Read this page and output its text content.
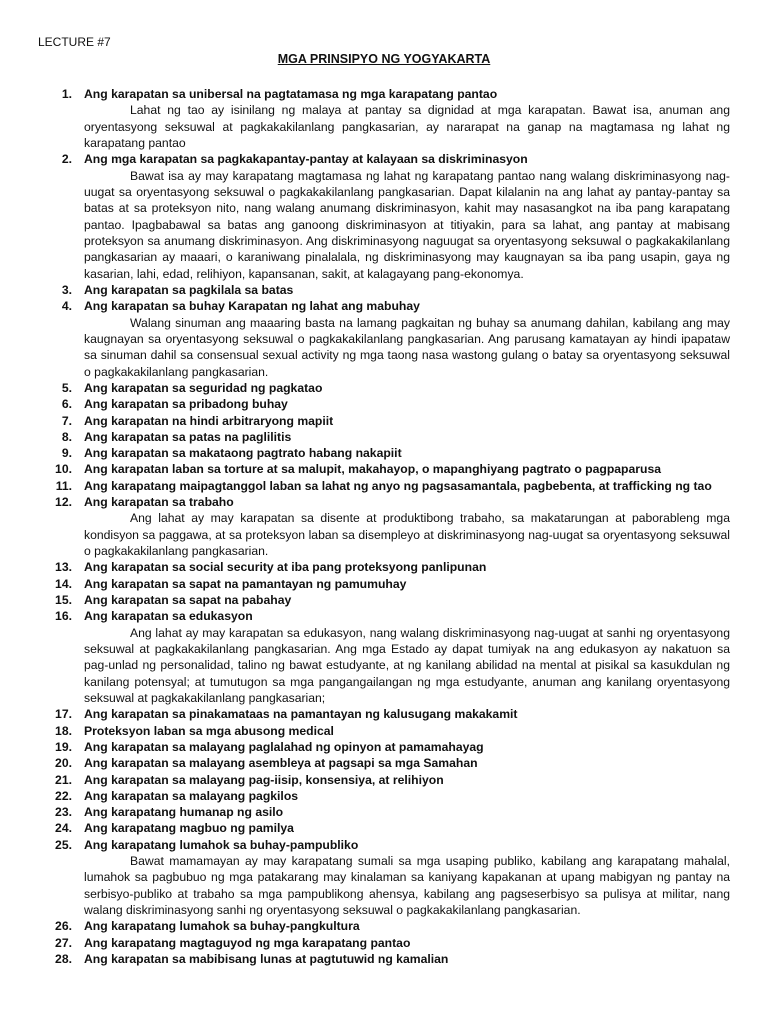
LECTURE #7
MGA PRINSIPYO NG YOGYAKARTA
1. Ang karapatan sa unibersal na pagtatamasa ng mga karapatang pantao

Lahat ng tao ay isinilang ng malaya at pantay sa dignidad at mga karapatan. Bawat isa, anuman ang oryentasyong seksuwal at pagkakakilanlang pangkasarian, ay nararapat na ganap na magtamasa ng lahat ng karapatang pantao

2. Ang mga karapatan sa pagkakapantay-pantay at kalayaan sa diskriminasyon

Bawat isa ay may karapatang magtamasa ng lahat ng karapatang pantao nang walang diskriminasyong nag-uugat sa oryentasyong seksuwal o pagkakakilanlang pangkasarian. Dapat kilalanin na ang lahat ay pantay-pantay sa batas at sa proteksyon nito, nang walang anumang diskriminasyon, kahit may nasasangkot na iba pang karapatang pantao. Ipagbabawal sa batas ang ganoong diskriminasyon at titiyakin, para sa lahat, ang pantay at mabisang proteksyon sa anumang diskriminasyon. Ang diskriminasyong naguugat sa oryentasyong seksuwal o pagkakakilanlang pangkasarian ay maaari, o karaniwang pinalalala, ng diskriminasyong may kaugnayan sa iba pang usapin, gaya ng kasarian, lahi, edad, relihiyon, kapansanan, sakit, at kalagayang pang-ekonomya.

3. Ang karapatan sa pagkilala sa batas
4. Ang karapatan sa buhay Karapatan ng lahat ang mabuhay

Walang sinuman ang maaaring basta na lamang pagkaitan ng buhay sa anumang dahilan, kabilang ang may kaugnayan sa oryentasyong seksuwal o pagkakakilanlang pangkasarian. Ang parusang kamatayan ay hindi ipapataw sa sinuman dahil sa consensual sexual activity ng mga taong nasa wastong gulang o batay sa oryentasyong seksuwal o pagkakakilanlang pangkasarian.

5. Ang karapatan sa seguridad ng pagkatao
6. Ang karapatan sa pribadong buhay
7. Ang karapatan na hindi arbitraryong mapiit
8. Ang karapatan sa patas na paglilitis
9. Ang karapatan sa makataong pagtrato habang nakapiit
10. Ang karapatan laban sa torture at sa malupit, makahayop, o mapanghiyang pagtrato o pagpaparusa
11. Ang karapatang maipagtanggol laban sa lahat ng anyo ng pagsasamantala, pagbebenta, at trafficking ng tao
12. Ang karapatan sa trabaho

Ang lahat ay may karapatan sa disente at produktibong trabaho, sa makatarungan at paborableng mga kondisyon sa paggawa, at sa proteksyon laban sa disempleyo at diskriminasyong nag-uugat sa oryentasyong seksuwal o pagkakakilanlang pangkasarian.

13. Ang karapatan sa social security at iba pang proteksyong panlipunan
14. Ang karapatan sa sapat na pamantayan ng pamumuhay
15. Ang karapatan sa sapat na pabahay
16. Ang karapatan sa edukasyon

Ang lahat ay may karapatan sa edukasyon, nang walang diskriminasyong nag-uugat at sanhi ng oryentasyong seksuwal at pagkakakilanlang pangkasarian. Ang mga Estado ay dapat tumiyak na ang edukasyon ay nakatuon sa pag-unlad ng personalidad, talino ng bawat estudyante, at ng kanilang abilidad na mental at pisikal sa kasukdulan ng kanilang potensyal; at tumutugon sa mga pangangailangan ng mga estudyante, anuman ang kanilang oryentasyong seksuwal at pagkakakilanlang pangkasarian;

17. Ang karapatan sa pinakamataas na pamantayan ng kalusugang makakamit
18. Proteksyon laban sa mga abusong medical
19. Ang karapatan sa malayang paglalahad ng opinyon at pamamahayag
20. Ang karapatan sa malayang asembleya at pagsapi sa mga Samahan
21. Ang karapatan sa malayang pag-iisip, konsensiya, at relihiyon
22. Ang karapatan sa malayang pagkilos
23. Ang karapatang humanap ng asilo
24. Ang karapatang magbuo ng pamilya
25. Ang karapatang lumahok sa buhay-pampubliko

Bawat mamamayan ay may karapatang sumali sa mga usaping publiko, kabilang ang karapatang mahalal, lumahok sa pagbubuo ng mga patakarang may kinalaman sa kaniyang kapakanan at upang mabigyan ng pantay na serbisyo-publiko at trabaho sa mga pampublikong ahensya, kabilang ang pagseserbisyo sa pulisya at militar, nang walang diskriminasyong sanhi ng oryentasyong seksuwal o pagkakakilanlang pangkasarian.

26. Ang karapatang lumahok sa buhay-pangkultura
27. Ang karapatang magtaguyod ng mga karapatang pantao
28. Ang karapatan sa mabibisang lunas at pagtutuwid ng kamalian
